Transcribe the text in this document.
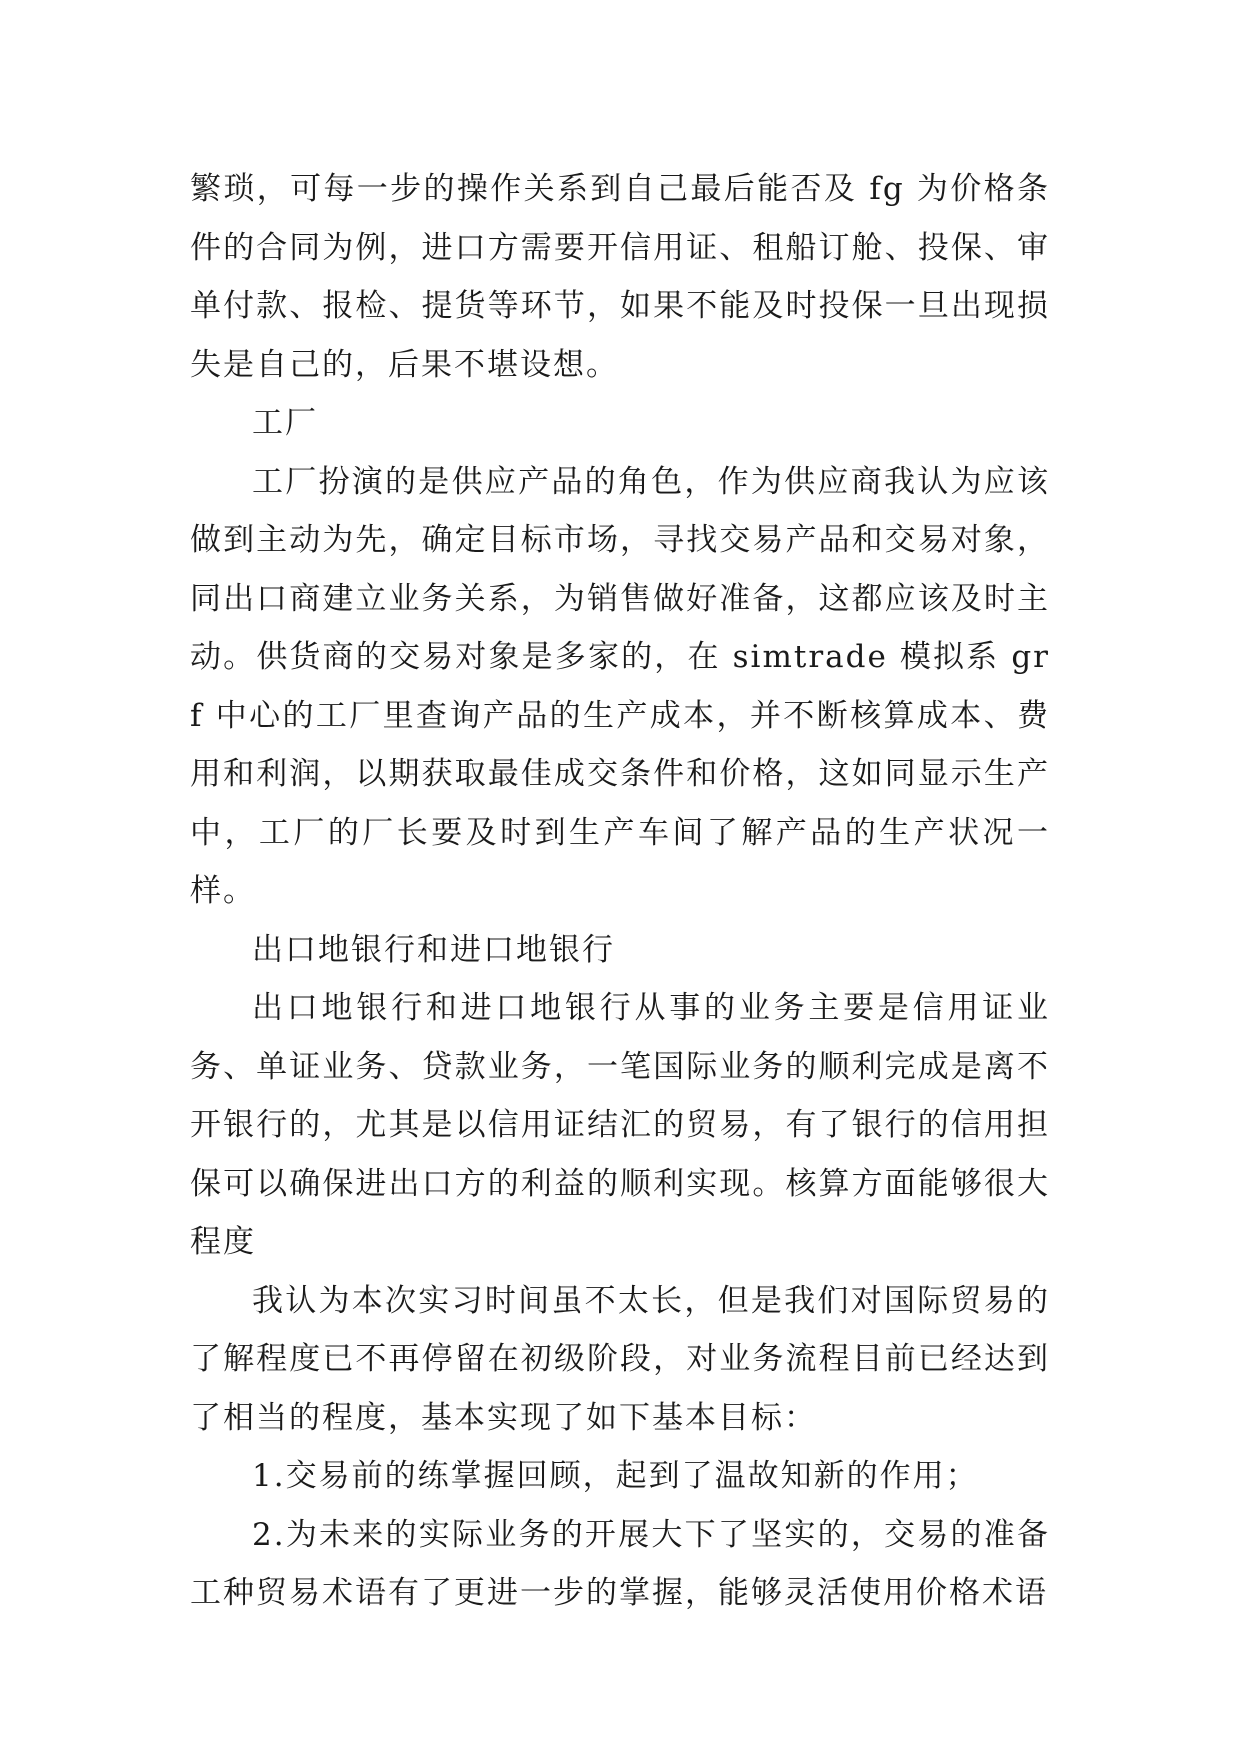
繁琐，可每一步的操作关系到自己最后能否及 fg 为价格条件的合同为例，进口方需要开信用证、租船订舱、投保、审单付款、报检、提货等环节，如果不能及时投保一旦出现损失是自己的，后果不堪设想。

工厂

工厂扮演的是供应产品的角色，作为供应商我认为应该做到主动为先，确定目标市场，寻找交易产品和交易对象，同出口商建立业务关系，为销售做好准备，这都应该及时主动。供货商的交易对象是多家的，在 simtrade 模拟系 grf 中心的工厂里查询产品的生产成本，并不断核算成本、费用和利润，以期获取最佳成交条件和价格，这如同显示生产中，工厂的厂长要及时到生产车间了解产品的生产状况一样。

出口地银行和进口地银行

出口地银行和进口地银行从事的业务主要是信用证业务、单证业务、贷款业务，一笔国际业务的顺利完成是离不开银行的，尤其是以信用证结汇的贸易，有了银行的信用担保可以确保进出口方的利益的顺利实现。核算方面能够很大程度

我认为本次实习时间虽不太长，但是我们对国际贸易的了解程度已不再停留在初级阶段，对业务流程目前已经达到了相当的程度，基本实现了如下基本目标：

1.交易前的练掌握回顾，起到了温故知新的作用；

2.为未来的实际业务的开展大下了坚实的，交易的准备工种贸易术语有了更进一步的掌握，能够灵活使用价格术语
